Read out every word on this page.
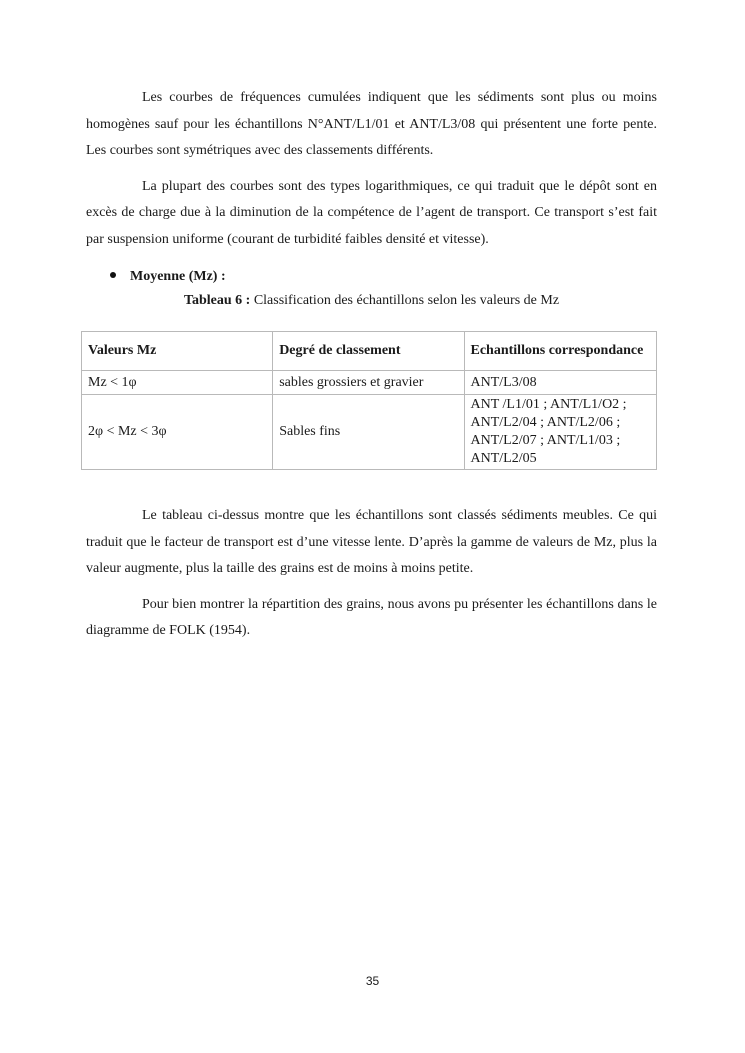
Les courbes de fréquences cumulées indiquent que les sédiments sont plus ou moins homogènes sauf pour les échantillons N°ANT/L1/01 et ANT/L3/08 qui présentent une forte pente. Les courbes sont symétriques avec des classements différents.

La plupart des courbes sont des types logarithmiques, ce qui traduit que le dépôt sont en excès de charge due à la diminution de la compétence de l’agent de transport. Ce transport s’est fait par suspension uniforme (courant de turbidité faibles densité et vitesse).

Moyenne (Mz) :
Tableau 6 : Classification des échantillons selon les valeurs de Mz
Valeurs Mz	Degré de classement	Echantillons correspondance
Mz < 1φ	sables grossiers et gravier	ANT/L3/08
2φ < Mz < 3φ	Sables fins	ANT /L1/01 ; ANT/L1/O2 ; ANT/L2/04 ; ANT/L2/06 ; ANT/L2/07 ; ANT/L1/03 ; ANT/L2/05

Le tableau ci-dessus montre que les échantillons sont classés sédiments meubles. Ce qui traduit que le facteur de transport est d’une vitesse lente. D’après la gamme de valeurs de Mz, plus la valeur augmente, plus la taille des grains est de moins à moins petite.

Pour bien montrer la répartition des grains, nous avons pu présenter les échantillons dans le diagramme de FOLK (1954).

35
